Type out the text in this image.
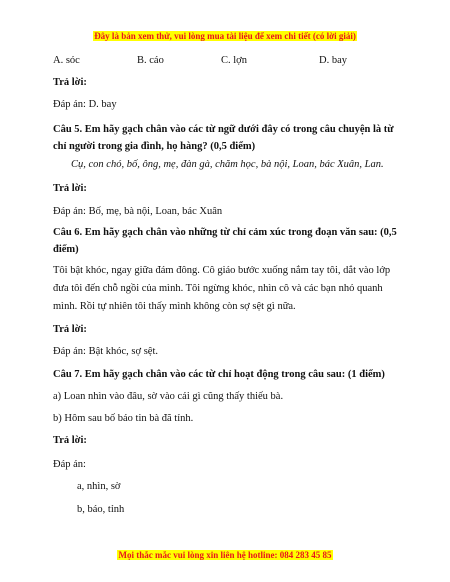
Đây là bản xem thử, vui lòng mua tài liệu để xem chi tiết (có lời giải)
A. sóc	B. cáo	C. lợn	D. bay
Trả lời:
Đáp án: D. bay
Câu 5. Em hãy gạch chân vào các từ ngữ dưới đây có trong câu chuyện là từ chỉ người trong gia đình, họ hàng? (0,5 điểm)
Cụ, con chó, bố, ông, mẹ, đàn gà, chăm học, bà nội, Loan, bác Xuân, Lan.
Trả lời:
Đáp án: Bố, mẹ, bà nội, Loan, bác Xuân
Câu 6. Em hãy gạch chân vào những từ chỉ cảm xúc trong đoạn văn sau: (0,5 điểm)
Tôi bật khóc, ngay giữa đám đông. Cô giáo bước xuống nắm tay tôi, dắt vào lớp đưa tôi đến chỗ ngồi của mình. Tôi ngừng khóc, nhìn cô và các bạn nhỏ quanh mình. Rồi tự nhiên tôi thấy mình không còn sợ sệt gì nữa.
Trả lời:
Đáp án: Bật khóc, sợ sệt.
Câu 7. Em hãy gạch chân vào các từ chỉ hoạt động trong câu sau: (1 điểm)
a) Loan nhìn vào đâu, sờ vào cái gì cũng thấy thiếu bà.
b) Hôm sau bố báo tin bà đã tỉnh.
Trả lời:
Đáp án:
a, nhìn, sờ
b, báo, tỉnh
Mọi thắc mắc vui lòng xin liên hệ hotline: 084 283 45 85
